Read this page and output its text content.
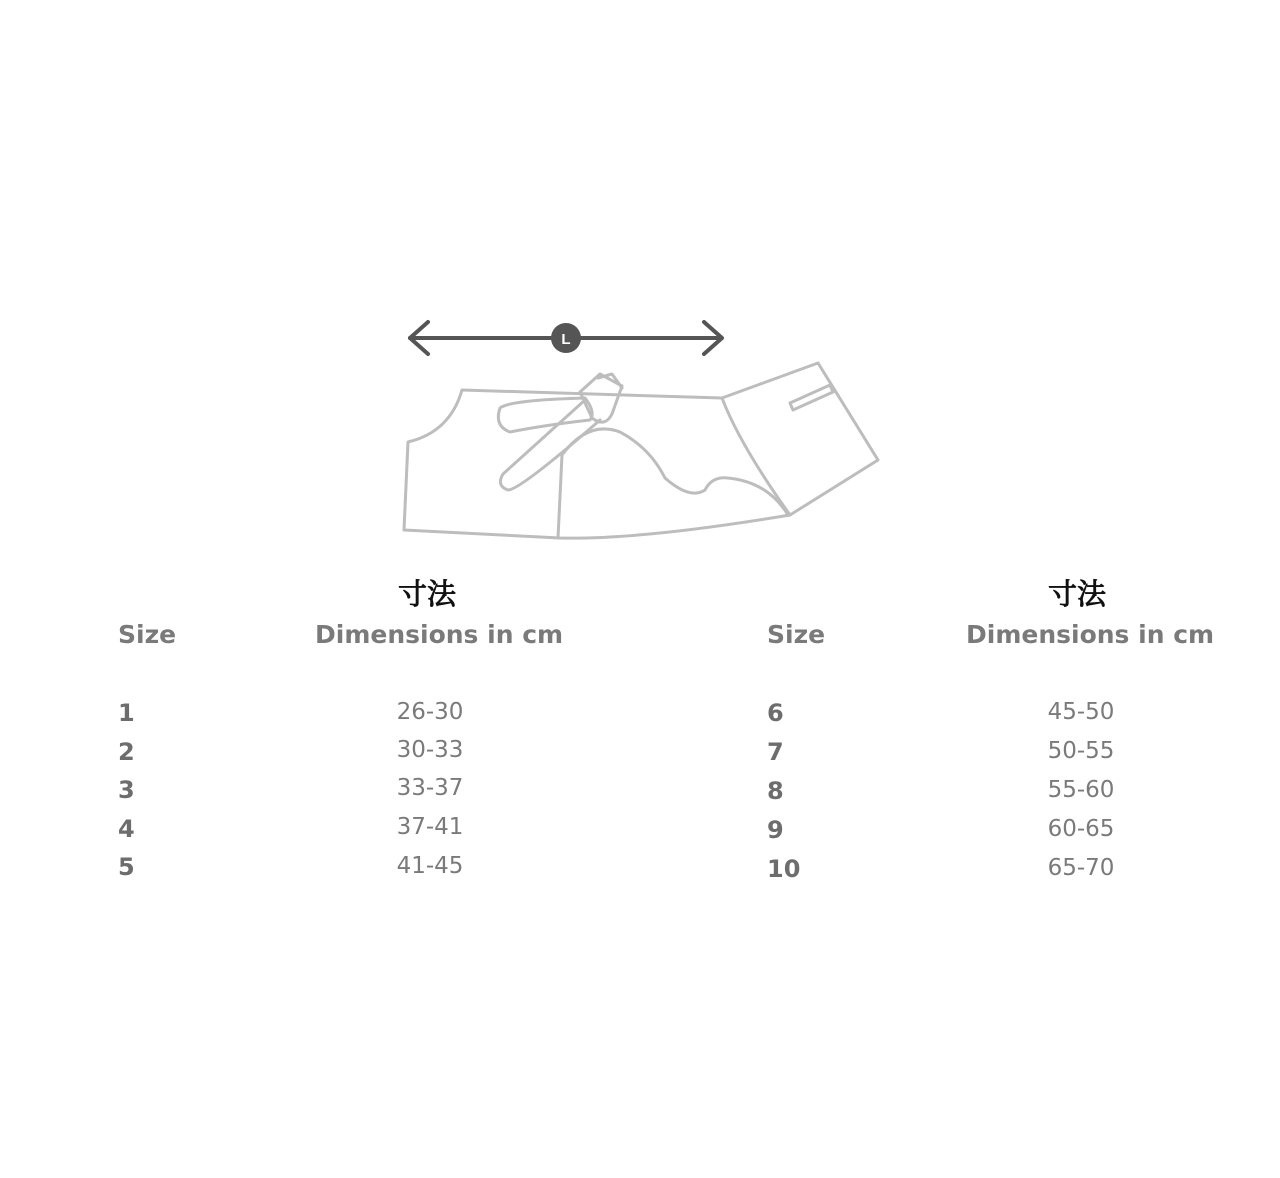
L
寸法
Size	Dimensions in cm
1	26-30
2	30-33
3	33-37
4	37-41
5	41-45
寸法
Size	Dimensions in cm
6	45-50
7	50-55
8	55-60
9	60-65
10	65-70
